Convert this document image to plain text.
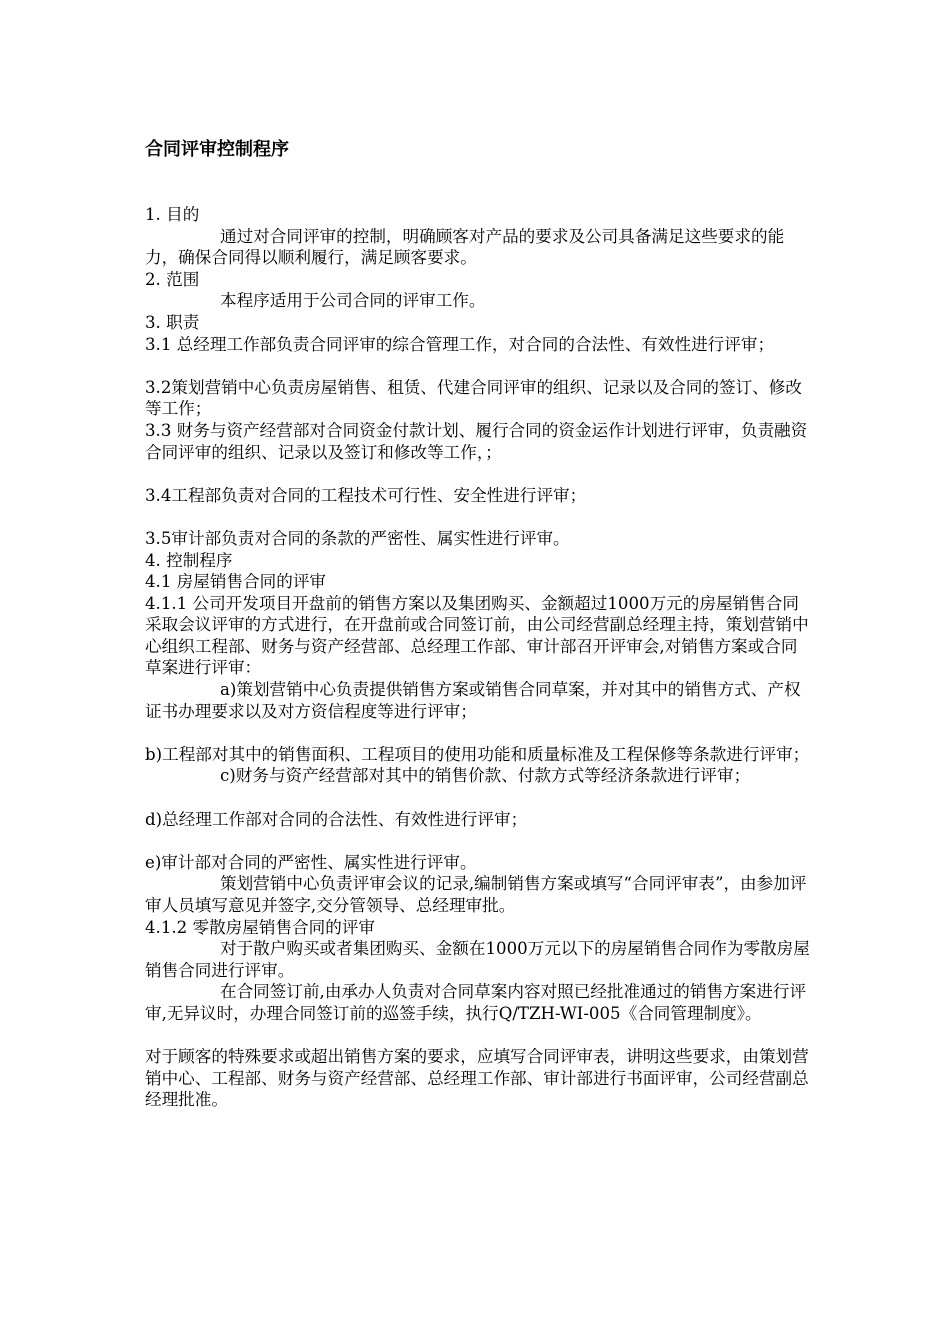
合同评审控制程序

1. 目的

通过对合同评审的控制，明确顾客对产品的要求及公司具备满足这些要求的能力，确保合同得以顺利履行，满足顾客要求。

2. 范围

本程序适用于公司合同的评审工作。

3. 职责

3.1 总经理工作部负责合同评审的综合管理工作，对合同的合法性、有效性进行评审；

3.2策划营销中心负责房屋销售、租赁、代建合同评审的组织、记录以及合同的签订、修改等工作；

3.3 财务与资产经营部对合同资金付款计划、履行合同的资金运作计划进行评审，负责融资合同评审的组织、记录以及签订和修改等工作，；

3.4工程部负责对合同的工程技术可行性、安全性进行评审；

3.5审计部负责对合同的条款的严密性、属实性进行评审。

4. 控制程序

4.1 房屋销售合同的评审

4.1.1 公司开发项目开盘前的销售方案以及集团购买、金额超过1000万元的房屋销售合同采取会议评审的方式进行，在开盘前或合同签订前，由公司经营副总经理主持，策划营销中心组织工程部、财务与资产经营部、总经理工作部、审计部召开评审会,对销售方案或合同草案进行评审：

a)策划营销中心负责提供销售方案或销售合同草案，并对其中的销售方式、产权证书办理要求以及对方资信程度等进行评审；

b)工程部对其中的销售面积、工程项目的使用功能和质量标准及工程保修等条款进行评审；

c)财务与资产经营部对其中的销售价款、付款方式等经济条款进行评审；

d)总经理工作部对合同的合法性、有效性进行评审；

e)审计部对合同的严密性、属实性进行评审。

策划营销中心负责评审会议的记录,编制销售方案或填写“合同评审表”，由参加评审人员填写意见并签字,交分管领导、总经理审批。

4.1.2 零散房屋销售合同的评审

对于散户购买或者集团购买、金额在1000万元以下的房屋销售合同作为零散房屋销售合同进行评审。

在合同签订前,由承办人负责对合同草案内容对照已经批准通过的销售方案进行评审,无异议时，办理合同签订前的巡签手续，执行Q/TZH-WI-005《合同管理制度》。

对于顾客的特殊要求或超出销售方案的要求，应填写合同评审表，讲明这些要求，由策划营销中心、工程部、财务与资产经营部、总经理工作部、审计部进行书面评审，公司经营副总经理批准。
